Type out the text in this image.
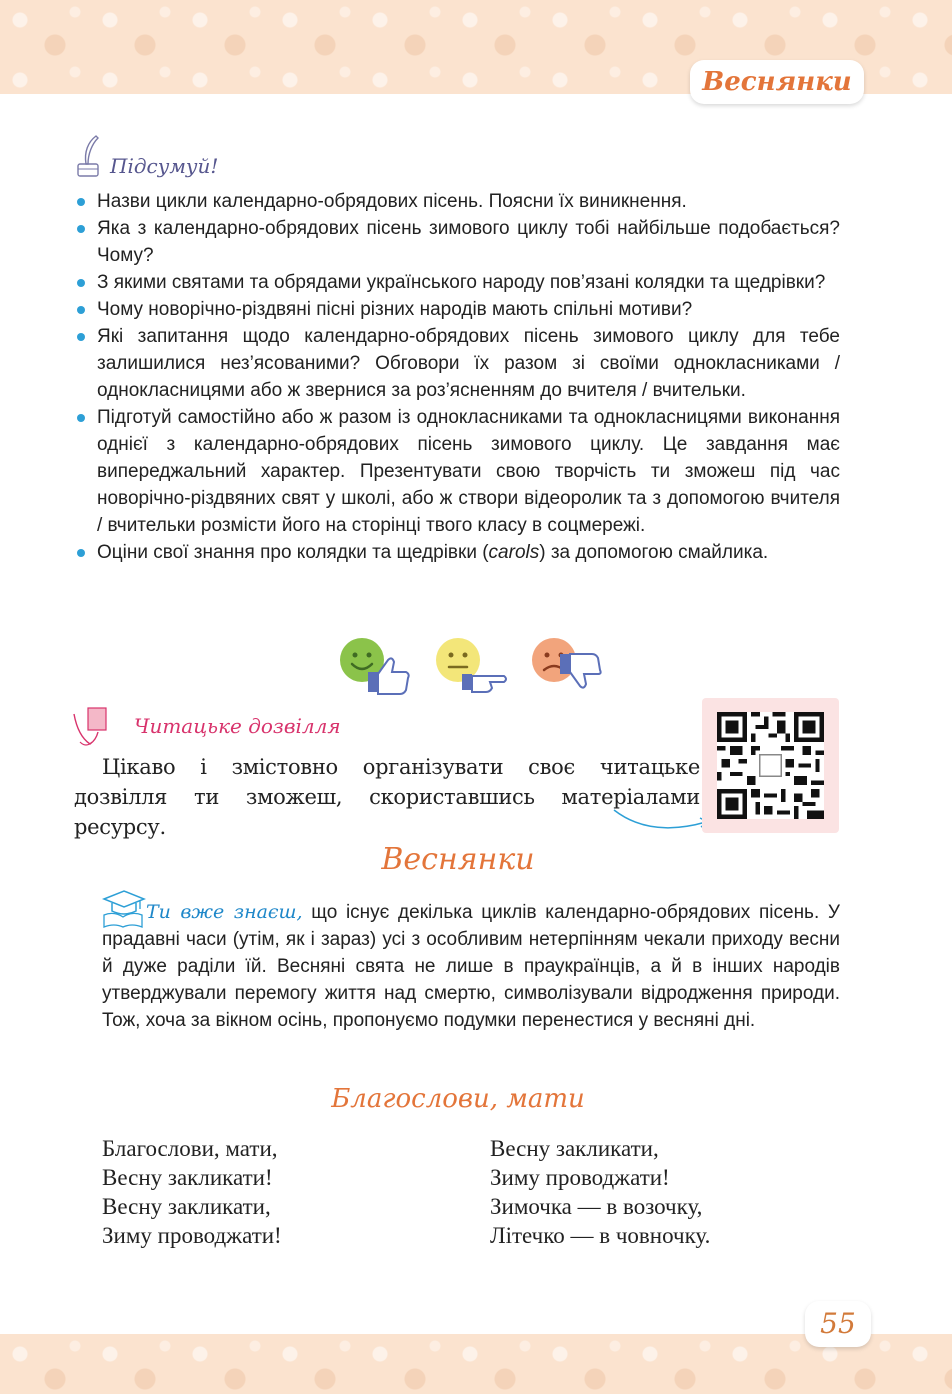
Веснянки
Підсумуй!
Назви цикли календарно-обрядових пісень. Поясни їх виникнення.
Яка з календарно-обрядових пісень зимового циклу тобі найбільше подобається? Чому?
З якими святами та обрядами українського народу пов’язані колядки та щедрівки?
Чому новорічно-різдвяні пісні різних народів мають спільні мотиви?
Які запитання щодо календарно-обрядових пісень зимового циклу для тебе залишилися нез’ясованими? Обговори їх разом зі своїми однокласниками / однокласницями або ж звернися за роз’ясненням до вчителя / вчительки.
Підготуй самостійно або ж разом із однокласниками та однокласницями виконання однієї з календарно-обрядових пісень зимового циклу. Це завдання має випереджальний характер. Презентувати свою творчість ти зможеш під час новорічно-різдвяних свят у школі, або ж створи відеоролик та з допомогою вчителя / вчительки розмісти його на сторінці твого класу в соцмережі.
Оціни свої знання про колядки та щедрівки (carols) за допомогою смайлика.
Читацьке дозвілля

Цікаво і змістовно організувати своє читацьке дозвілля ти зможеш, скориставшись матеріалами ресурсу.

Веснянки

Ти вже знаєш, що існує декілька циклів календарно-обрядових пісень. У прадавні часи (утім, як і зараз) усі з особливим нетерпінням чекали приходу весни й дуже раділи їй. Весняні свята не лише в праукраїнців, а й в інших народів утверджували перемогу життя над смертю, символізували відродження природи. Тож, хоча за вікном осінь, пропонуємо подумки перенестися у весняні дні.

Благослови, мати
Благослови, мати,
Весну закликати!
Весну закликати,
Зиму проводжати!
Весну закликати,
Зиму проводжати!
Зимочка — в возочку,
Літечко — в човночку.
55
